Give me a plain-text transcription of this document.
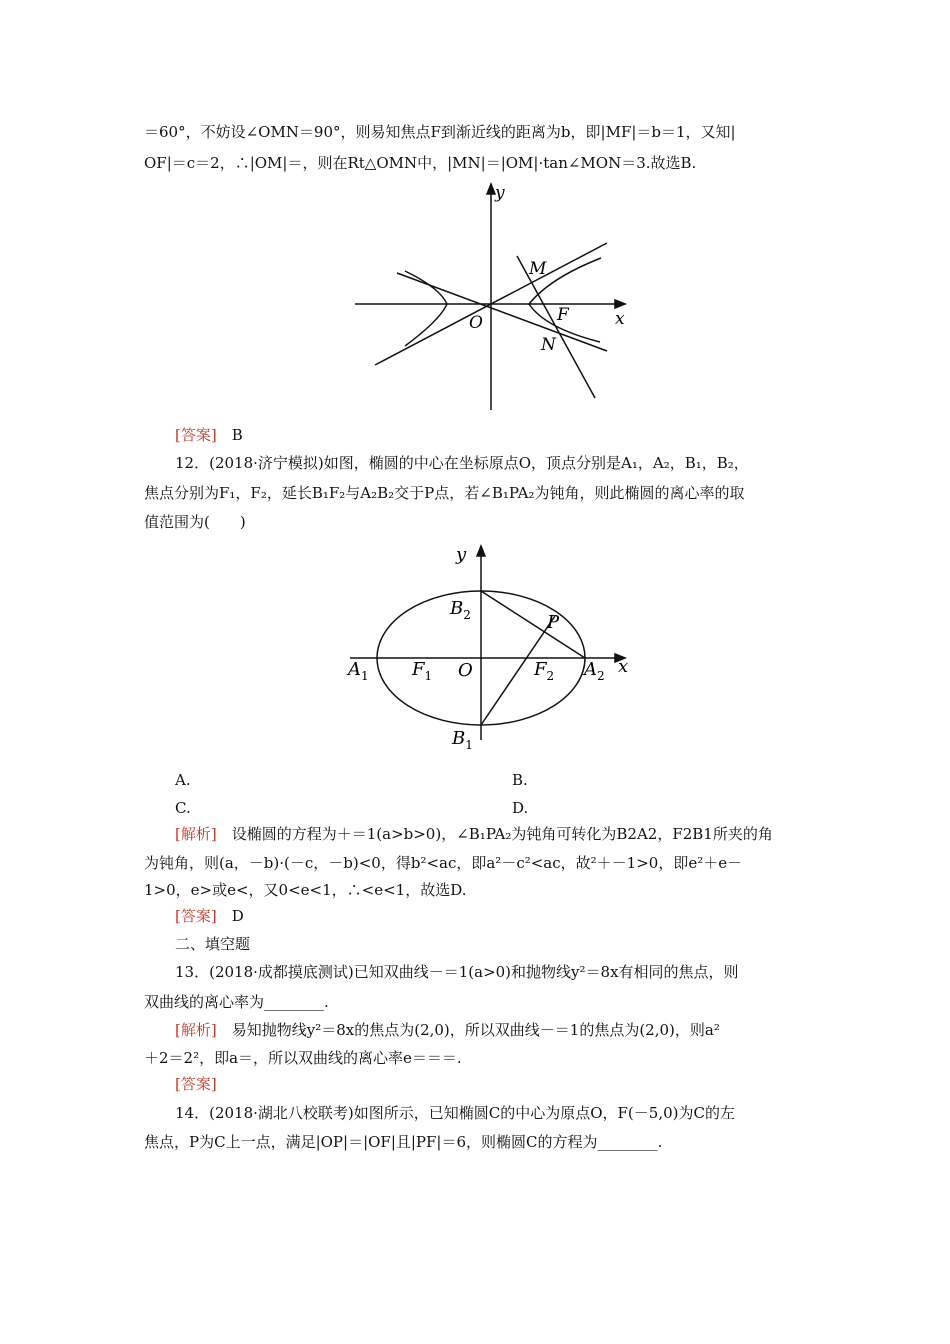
＝60°，不妨设∠OMN＝90°，则易知焦点F到渐近线的距离为b，即|MF|＝b＝1，又知|
OF|＝c＝2，∴|OM|＝，则在Rt△OMN中，|MN|＝|OM|·tan∠MON＝3.故选B.
y
x
M
F
O
N
[答案]　 B
12．(2018·济宁模拟)如图，椭圆的中心在坐标原点O，顶点分别是A₁，A₂，B₁，B₂，
焦点分别为F₁，F₂，延长B₁F₂与A₂B₂交于P点，若∠B₁PA₂为钝角，则此椭圆的离心率的取
值范围为(　　)
y
x
$B_2$	P
$A_1$ $F_1$ O	$F_2$ $A_2$
$B_1$
A.	B.
C.	D.
[解析]　 设椭圆的方程为＋＝1(a>b>0)，∠B₁PA₂为钝角可转化为B2A2，F2B1所夹的角
为钝角，则(a，－b)·(－c，－b)<0，得b²<ac，即a²－c²<ac，故²＋－1>0，即e²＋e－
1>0，e>或e<，又0<e<1，∴<e<1，故选D.
[答案]　 D
二、填空题
13．(2018·成都摸底测试)已知双曲线－＝1(a>0)和抛物线y²＝8x有相同的焦点，则
双曲线的离心率为________.
[解析]　 易知抛物线y²＝8x的焦点为(2,0)，所以双曲线－＝1的焦点为(2,0)，则a²
＋2＝2²，即a＝，所以双曲线的离心率e＝＝＝.
[答案]
14．(2018·湖北八校联考)如图所示，已知椭圆C的中心为原点O，F(－5,0)为C的左
焦点，P为C上一点，满足|OP|＝|OF|且|PF|＝6，则椭圆C的方程为________.
